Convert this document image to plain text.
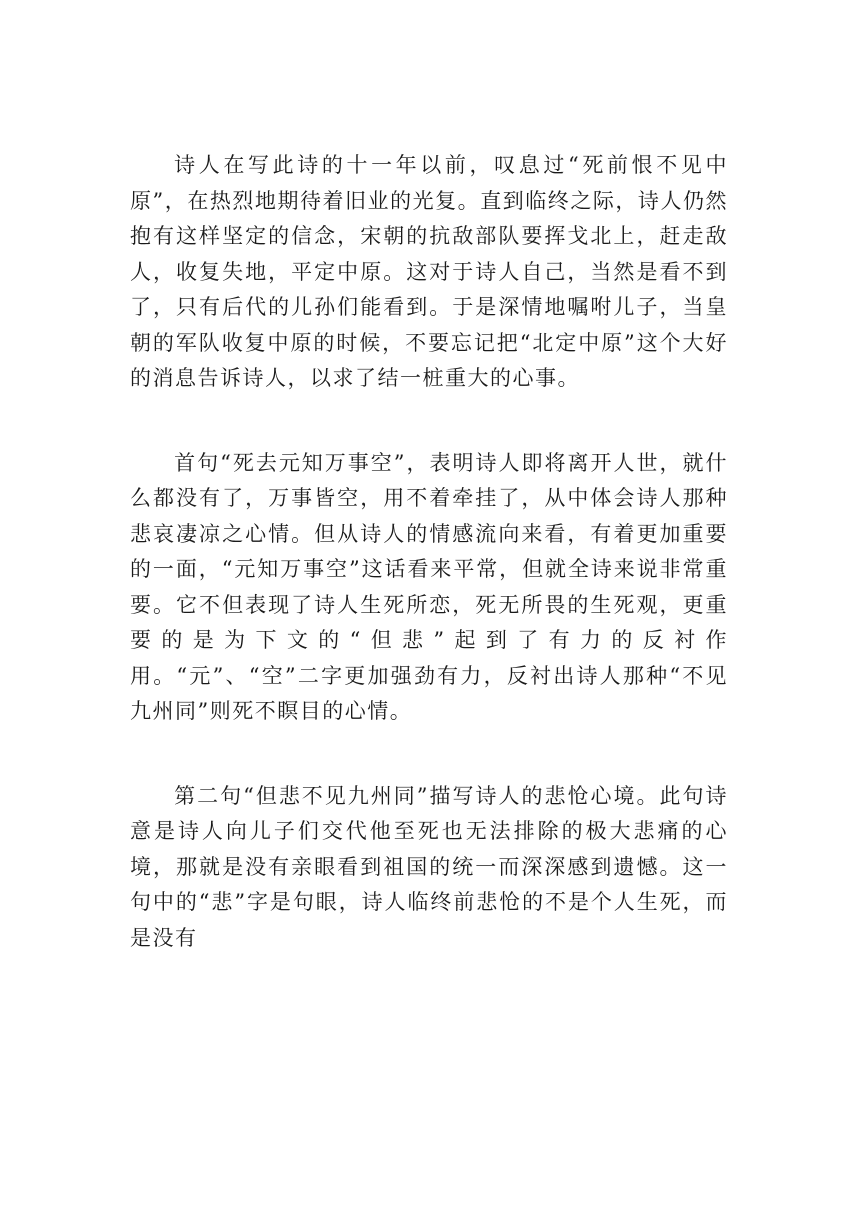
诗人在写此诗的十一年以前，叹息过“死前恨不见中原”，在热烈地期待着旧业的光复。直到临终之际，诗人仍然抱有这样坚定的信念，宋朝的抗敌部队要挥戈北上，赶走敌人，收复失地，平定中原。这对于诗人自己，当然是看不到了，只有后代的儿孙们能看到。于是深情地嘱咐儿子，当皇朝的军队收复中原的时候，不要忘记把“北定中原”这个大好的消息告诉诗人，以求了结一桩重大的心事。

首句“死去元知万事空”，表明诗人即将离开人世，就什么都没有了，万事皆空，用不着牵挂了，从中体会诗人那种悲哀凄凉之心情。但从诗人的情感流向来看，有着更加重要的一面，“元知万事空”这话看来平常，但就全诗来说非常重要。它不但表现了诗人生死所恋，死无所畏的生死观，更重要的是为下文的“但悲”起到了有力的反衬作用。“元”、“空”二字更加强劲有力，反衬出诗人那种“不见九州同”则死不瞑目的心情。

第二句“但悲不见九州同”描写诗人的悲怆心境。此句诗意是诗人向儿子们交代他至死也无法排除的极大悲痛的心境，那就是没有亲眼看到祖国的统一而深深感到遗憾。这一句中的“悲”字是句眼，诗人临终前悲怆的不是个人生死，而是没有
